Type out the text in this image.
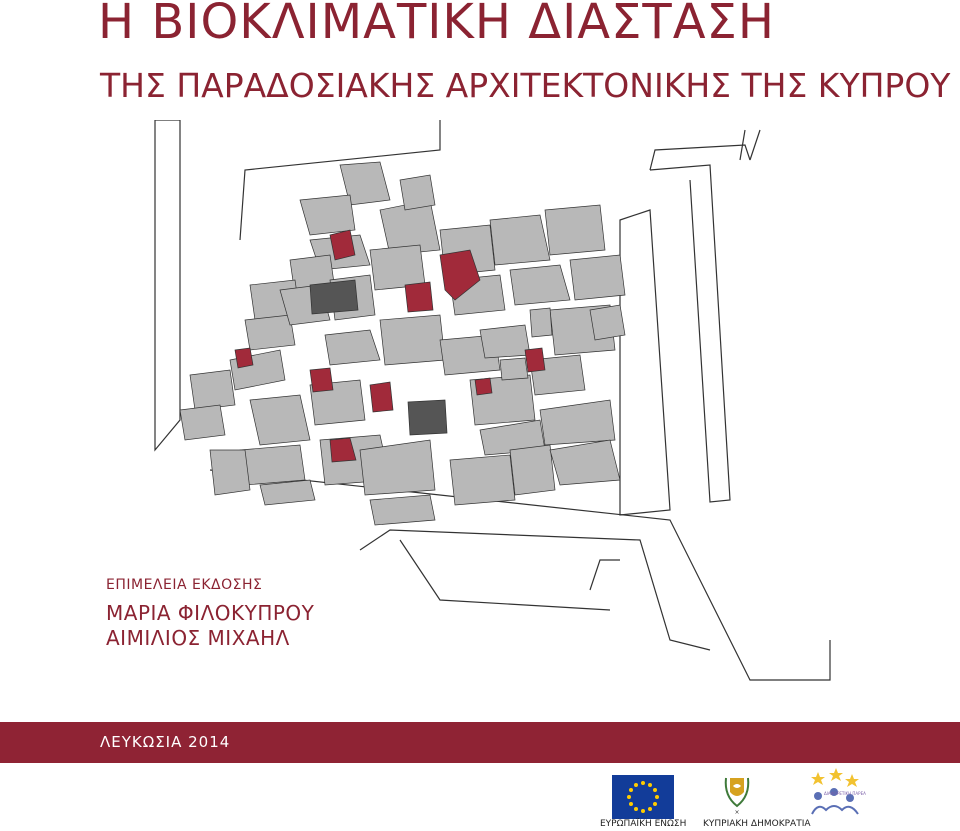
Η ΒΙΟΚΛΙΜΑΤΙΚΗ ΔΙΑΣΤΑΣΗ
ΤΗΣ ΠΑΡΑΔΟΣΙΑΚΗΣ ΑΡΧΙΤΕΚΤΟΝΙΚΗΣ ΤΗΣ ΚΥΠΡΟΥ
ΕΠΙΜΕΛΕΙΑ ΕΚΔΟΣΗΣ
ΜΑΡΙΑ ΦΙΛΟΚΥΠΡΟΥ
ΑΙΜΙΛΙΟΣ ΜΙΧΑΗΛ
ΛΕΥΚΩΣΙΑ 2014
ΕΥΡΩΠΑΪΚΗ ΕΝΩΣΗ
×
ΚΥΠΡΙΑΚΗ ΔΗΜΟΚΡΑΤΙΑ
ΔΙΑΦΟΡΕΤΙΚΗ ΠΑΡΕΑ
